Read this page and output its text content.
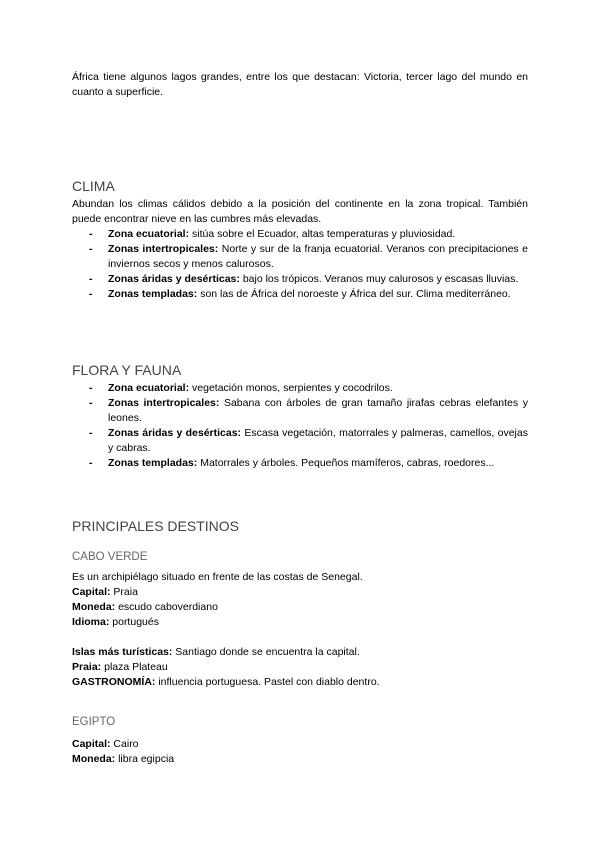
África tiene algunos lagos grandes, entre los que destacan: Victoria, tercer lago del mundo en cuanto a superficie.

CLIMA

Abundan los climas cálidos debido a la posición del continente en la zona tropical. También puede encontrar nieve en las cumbres más elevadas.

- Zona ecuatorial: sitúa sobre el Ecuador, altas temperaturas y pluviosidad.
- Zonas intertropicales: Norte y sur de la franja ecuatorial. Veranos con precipitaciones e inviernos secos y menos calurosos.
- Zonas áridas y desérticas: bajo los trópicos. Veranos muy calurosos y escasas lluvias.
- Zonas templadas: son las de África del noroeste y África del sur. Clima mediterráneo.
FLORA Y FAUNA
- Zona ecuatorial: vegetación monos, serpientes y cocodrilos.
- Zonas intertropicales: Sabana con árboles de gran tamaño jirafas cebras elefantes y leones.
- Zonas áridas y desérticas: Escasa vegetación, matorrales y palmeras, camellos, ovejas y cabras.
- Zonas templadas: Matorrales y árboles. Pequeños mamíferos, cabras, roedores...
PRINCIPALES DESTINOS
CABO VERDE

Es un archipiélago situado en frente de las costas de Senegal.

Capital: Praia

Moneda: escudo caboverdiano

Idioma: portugués

Islas más turísticas: Santiago donde se encuentra la capital.

Praia: plaza Plateau

GASTRONOMÍA: influencia portuguesa. Pastel con diablo dentro.

EGIPTO

Capital: Cairo

Moneda: libra egipcia
